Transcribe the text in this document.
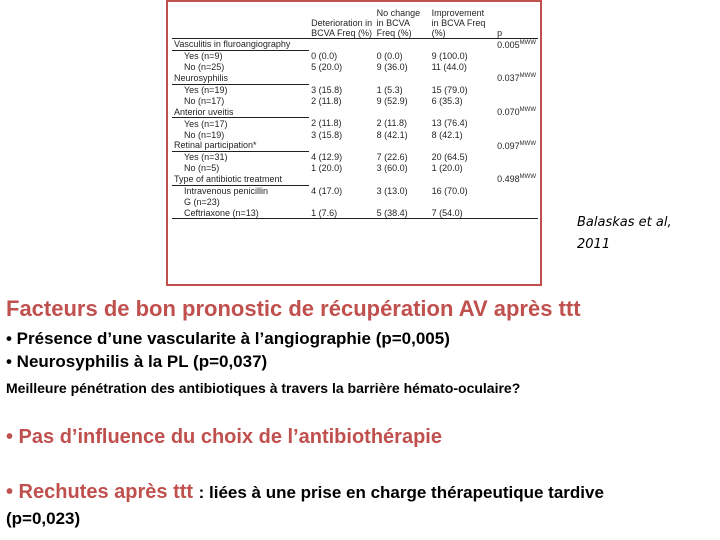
	Deterioration in BCVA Freq (%)	No change in BCVA Freq (%)	Improvement in BCVA Freq (%)	p
Vasculitis in fluroangiography				$0.005^{MWW}$
Yes (n=9)	0 (0.0)	0 (0.0)	9 (100.0)	
No (n=25)	5 (20.0)	9 (36.0)	11 (44.0)	
Neurosyphilis				$0.037^{MWW}$
Yes (n=19)	3 (15.8)	1 (5.3)	15 (79.0)	
No (n=17)	2 (11.8)	9 (52.9)	6 (35.3)	
Anterior uveitis				$0.070^{MWW}$
Yes (n=17)	2 (11.8)	2 (11.8)	13 (76.4)	
No (n=19)	3 (15.8)	8 (42.1)	8 (42.1)	
Retinal participation*				$0.097^{MWW}$
Yes (n=31)	4 (12.9)	7 (22.6)	20 (64.5)	
No (n=5)	1 (20.0)	3 (60.0)	1 (20.0)	
Type of antibiotic treatment				$0.498^{MWW}$
Intravenous penicillin	4 (17.0)	3 (13.0)	16 (70.0)	
G (n=23)				
Ceftriaxone (n=13)	1 (7.6)	5 (38.4)	7 (54.0)	
Balaskas et al,
2011
Facteurs de bon pronostic de récupération AV après ttt
• Présence d’une vascularite à l’angiographie (p=0,005)
• Neurosyphilis à la PL (p=0,037)
Meilleure pénétration des antibiotiques à travers la barrière hémato-oculaire?
• Pas d’influence du choix de l’antibiothérapie
• Rechutes après ttt : liées à une prise en charge thérapeutique tardive
(p=0,023)
